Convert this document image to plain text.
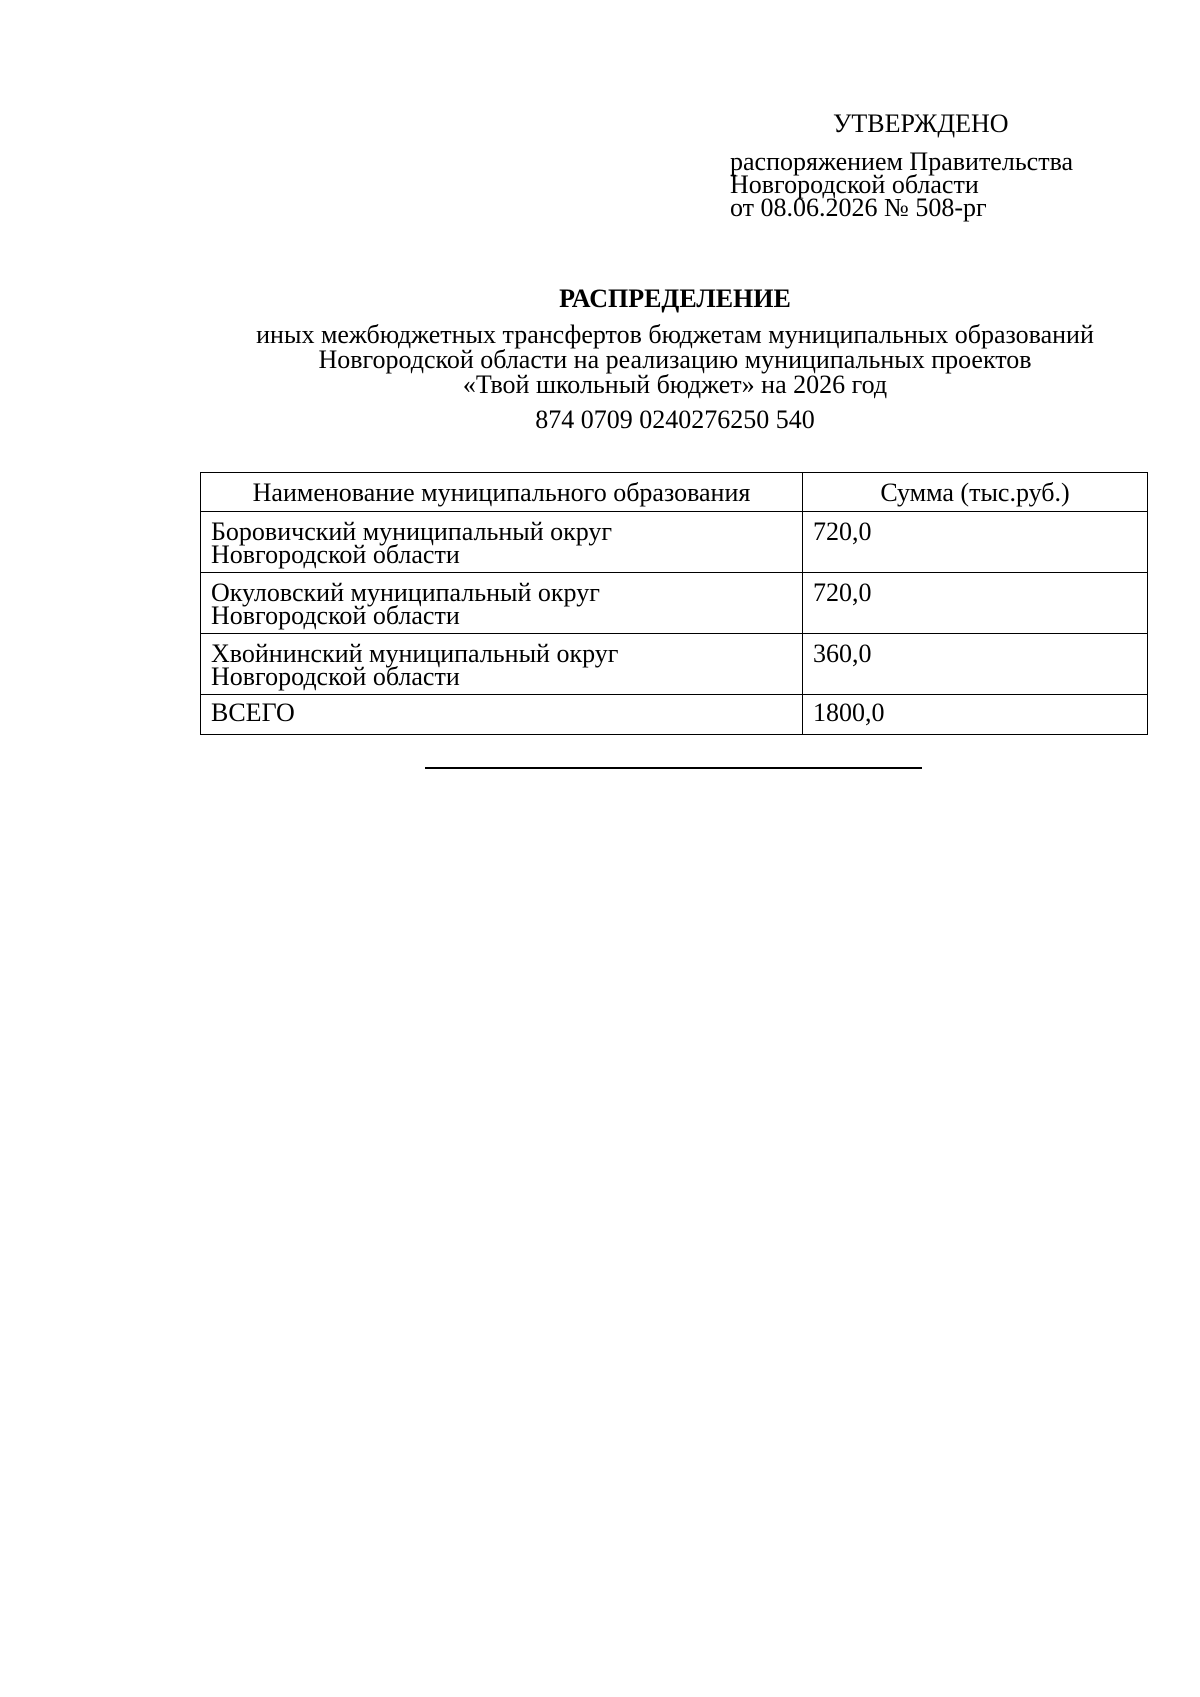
УТВЕРЖДЕНО
распоряжением Правительства
Новгородской области
от 08.06.2026 № 508-рг
РАСПРЕДЕЛЕНИЕ
иных межбюджетных трансфертов бюджетам муниципальных образований
Новгородской области на реализацию муниципальных проектов
«Твой школьный бюджет» на 2026 год
874 0709 0240276250 540
Наименование муниципального образования	Сумма (тыс.руб.)

Боровичский муниципальный округ
Новгородской области	720,0

Окуловский муниципальный округ
Новгородской области	720,0

Хвойнинский муниципальный округ
Новгородской области	360,0
ВСЕГО	1800,0
